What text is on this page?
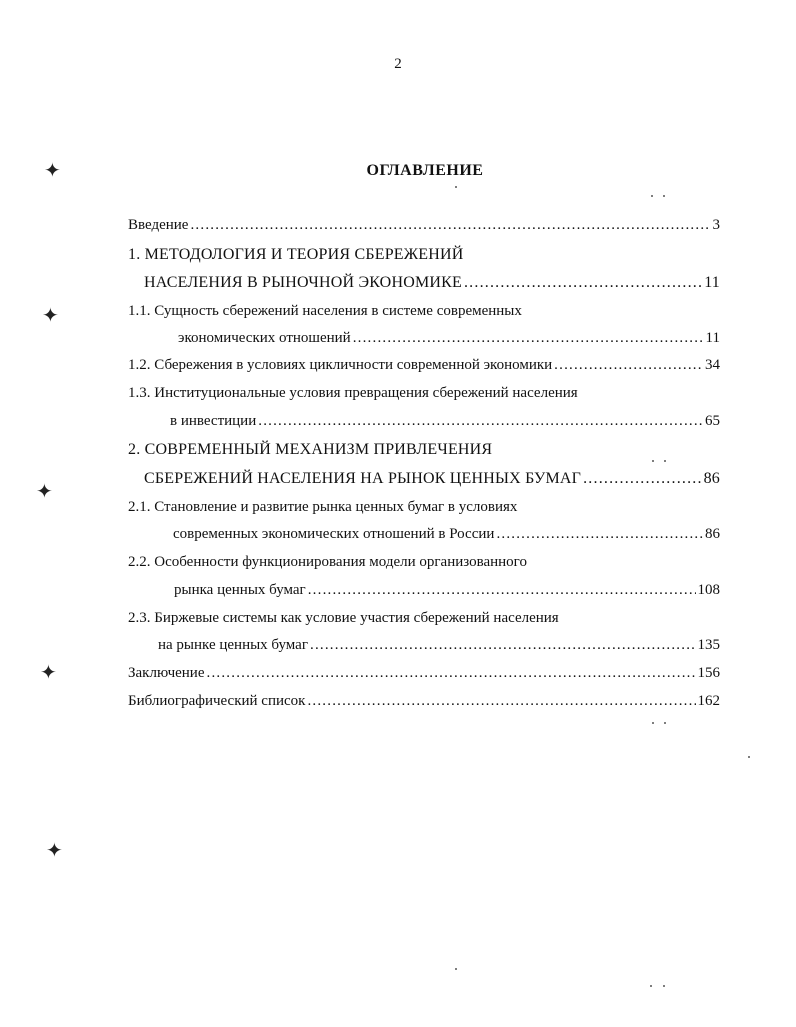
2
ОГЛАВЛЕНИЕ
Введение .....	3
1. МЕТОДОЛОГИЯ И ТЕОРИЯ СБЕРЕЖЕНИЙ
НАСЕЛЕНИЯ В РЫНОЧНОЙ ЭКОНОМИКЕ .....	11
1.1. Сущность сбережений населения в системе современных
экономических отношений .....	11
1.2. Сбережения в условиях цикличности современной экономики .....	34
1.3. Институциональные условия превращения сбережений населения
в инвестиции .....	65
2. СОВРЕМЕННЫЙ МЕХАНИЗМ ПРИВЛЕЧЕНИЯ
СБЕРЕЖЕНИЙ НАСЕЛЕНИЯ НА РЫНОК ЦЕННЫХ БУМАГ .....	86
2.1. Становление и развитие рынка ценных бумаг в условиях
современных экономических отношений в России .....	86
2.2. Особенности функционирования модели организованного
рынка ценных бумаг .....	108
2.3. Биржевые системы как условие участия сбережений населения
на рынке ценных бумаг .....	135
Заключение .....	156
Библиографический список .....	162
✦
✦
✦
✦
✦
